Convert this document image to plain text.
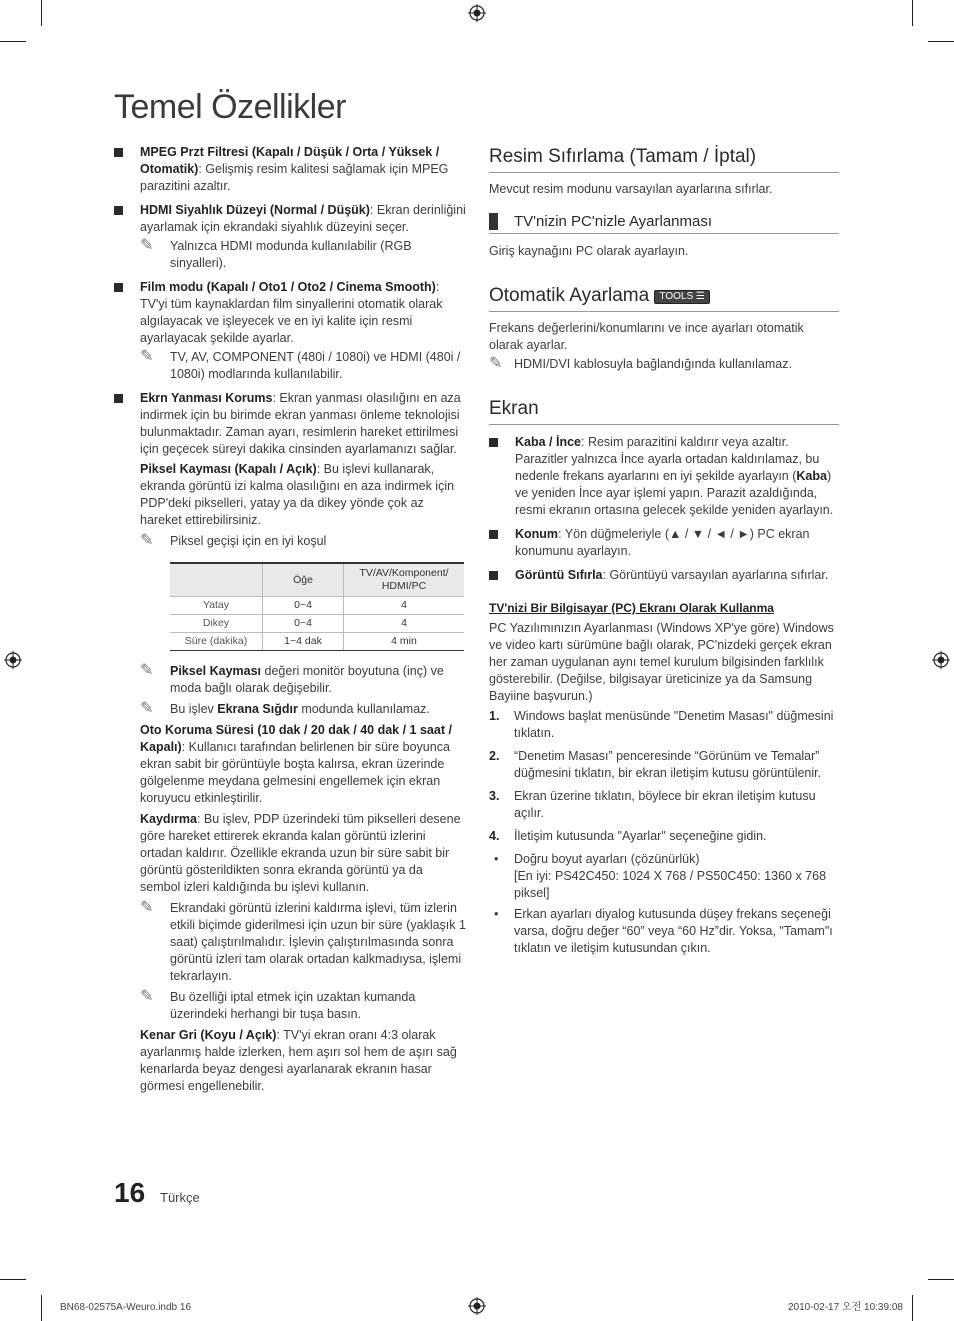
Temel Özellikler
MPEG Przt Filtresi (Kapalı / Düşük / Orta / Yüksek / Otomatik): Gelişmiş resim kalitesi sağlamak için MPEG parazitini azaltır.
HDMI Siyahlık Düzeyi (Normal / Düşük): Ekran derinliğini ayarlamak için ekrandaki siyahlık düzeyini seçer.
✎ Yalnızca HDMI modunda kullanılabilir (RGB sinyalleri).
Film modu (Kapalı / Oto1 / Oto2 / Cinema Smooth): TV'yi tüm kaynaklardan film sinyallerini otomatik olarak algılayacak ve işleyecek ve en iyi kalite için resmi ayarlayacak şekilde ayarlar.
✎ TV, AV, COMPONENT (480i / 1080i) ve HDMI (480i / 1080i) modlarında kullanılabilir.
Ekrn Yanması Korums: Ekran yanması olasılığını en aza indirmek için bu birimde ekran yanması önleme teknolojisi bulunmaktadır. Zaman ayarı, resimlerin hareket ettirilmesi için geçecek süreyi dakika cinsinden ayarlamanızı sağlar.

Piksel Kayması (Kapalı / Açık): Bu işlevi kullanarak, ekranda görüntü izi kalma olasılığını en aza indirmek için PDP'deki pikselleri, yatay ya da dikey yönde çok az hareket ettirebilirsiniz.

✎ Piksel geçişi için en iyi koşul
	Öğe	TV/AV/Komponent/
HDMI/PC
Yatay	0~4	4
Dikey	0~4	4
Süre (dakika)	1~4 dak	4 min
✎ Piksel Kayması değeri monitör boyutuna (inç) ve moda bağlı olarak değişebilir.
✎ Bu işlev Ekrana Sığdır modunda kullanılamaz.

Oto Koruma Süresi (10 dak / 20 dak / 40 dak / 1 saat / Kapalı): Kullanıcı tarafından belirlenen bir süre boyunca ekran sabit bir görüntüyle boşta kalırsa, ekran üzerinde gölgelenme meydana gelmesini engellemek için ekran koruyucu etkinleştirilir.

Kaydırma: Bu işlev, PDP üzerindeki tüm pikselleri desene göre hareket ettirerek ekranda kalan görüntü izlerini ortadan kaldırır. Özellikle ekranda uzun bir süre sabit bir görüntü gösterildikten sonra ekranda görüntü ya da sembol izleri kaldığında bu işlevi kullanın.

✎ Ekrandaki görüntü izlerini kaldırma işlevi, tüm izlerin etkili biçimde giderilmesi için uzun bir süre (yaklaşık 1 saat) çalıştırılmalıdır. İşlevin çalıştırılmasında sonra görüntü izleri tam olarak ortadan kalkmadıysa, işlemi tekrarlayın.
✎ Bu özelliği iptal etmek için uzaktan kumanda üzerindeki herhangi bir tuşa basın.

Kenar Gri (Koyu / Açık): TV'yi ekran oranı 4:3 olarak ayarlanmış halde izlerken, hem aşırı sol hem de aşırı sağ kenarlarda beyaz dengesi ayarlanarak ekranın hasar görmesi engellenebilir.

Resim Sıfırlama (Tamam / İptal)

Mevcut resim modunu varsayılan ayarlarına sıfırlar.

TV'nizin PC'nizle Ayarlanması

Giriş kaynağını PC olarak ayarlayın.

Otomatik Ayarlama TOOLS ☰

Frekans değerlerini/konumlarını ve ince ayarları otomatik olarak ayarlar.

✎ HDMI/DVI kablosuyla bağlandığında kullanılamaz.
Ekran
Kaba / İnce: Resim parazitini kaldırır veya azaltır. Parazitler yalnızca İnce ayarla ortadan kaldırılamaz, bu nedenle frekans ayarlarını en iyi şekilde ayarlayın (Kaba) ve yeniden İnce ayar işlemi yapın. Parazit azaldığında, resmi ekranın ortasına gelecek şekilde yeniden ayarlayın.
Konum: Yön düğmeleriyle (▲ / ▼ / ◄ / ►) PC ekran konumunu ayarlayın.
Görüntü Sıfırla: Görüntüyü varsayılan ayarlarına sıfırlar.

TV'nizi Bir Bilgisayar (PC) Ekranı Olarak Kullanma

PC Yazılımınızın Ayarlanması (Windows XP'ye göre) Windows ve video kartı sürümüne bağlı olarak, PC'nizdeki gerçek ekran her zaman uygulanan aynı temel kurulum bilgisinden farklılık gösterebilir. (Değilse, bilgisayar üreticinize ya da Samsung Bayiine başvurun.)

1. Windows başlat menüsünde "Denetim Masası" düğmesini tıklatın.
2. “Denetim Masası” penceresinde “Görünüm ve Temalar” düğmesini tıklatın, bir ekran iletişim kutusu görüntülenir.
3. Ekran üzerine tıklatın, böylece bir ekran iletişim kutusu açılır.
4. İletişim kutusunda "Ayarlar" seçeneğine gidin.
• Doğru boyut ayarları (çözünürlük)
[En iyi: PS42C450: 1024 X 768 / PS50C450: 1360 x 768 piksel]
• Erkan ayarları diyalog kutusunda düşey frekans seçeneği varsa, doğru değer “60” veya “60 Hz”dir. Yoksa, "Tamam"ı tıklatın ve iletişim kutusundan çıkın.
16 Türkçe
BN68-02575A-Weuro.indb 16	2010-02-17 오전 10:39:08
